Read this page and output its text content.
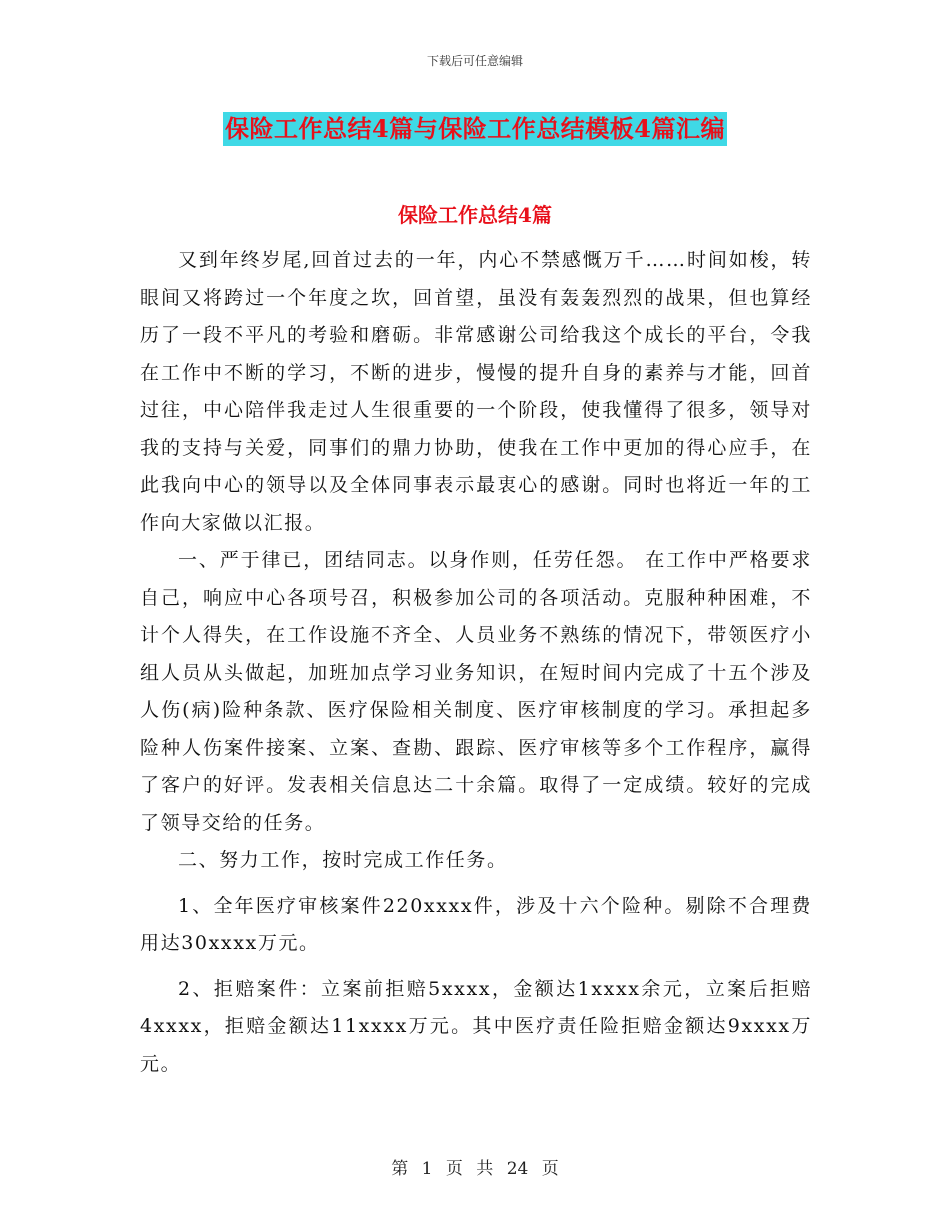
下载后可任意编辑
保险工作总结4篇与保险工作总结模板4篇汇编
保险工作总结4篇

又到年终岁尾,回首过去的一年，内心不禁感慨万千……时间如梭，转眼间又将跨过一个年度之坎，回首望，虽没有轰轰烈烈的战果，但也算经历了一段不平凡的考验和磨砺。非常感谢公司给我这个成长的平台，令我在工作中不断的学习，不断的进步，慢慢的提升自身的素养与才能，回首过往，中心陪伴我走过人生很重要的一个阶段，使我懂得了很多，领导对我的支持与关爱，同事们的鼎力协助，使我在工作中更加的得心应手，在此我向中心的领导以及全体同事表示最衷心的感谢。同时也将近一年的工作向大家做以汇报。

一、严于律已，团结同志。以身作则，任劳任怨。 在工作中严格要求自己，响应中心各项号召，积极参加公司的各项活动。克服种种困难，不计个人得失，在工作设施不齐全、人员业务不熟练的情况下，带领医疗小组人员从头做起，加班加点学习业务知识，在短时间内完成了十五个涉及人伤(病)险种条款、医疗保险相关制度、医疗审核制度的学习。承担起多险种人伤案件接案、立案、查勘、跟踪、医疗审核等多个工作程序，赢得了客户的好评。发表相关信息达二十余篇。取得了一定成绩。较好的完成了领导交给的任务。

二、努力工作，按时完成工作任务。

1、全年医疗审核案件220xxxx件，涉及十六个险种。剔除不合理费用达30xxxx万元。

2、拒赔案件：立案前拒赔5xxxx，金额达1xxxx余元，立案后拒赔4xxxx，拒赔金额达11xxxx万元。其中医疗责任险拒赔金额达9xxxx万元。

第 1 页 共 24 页
